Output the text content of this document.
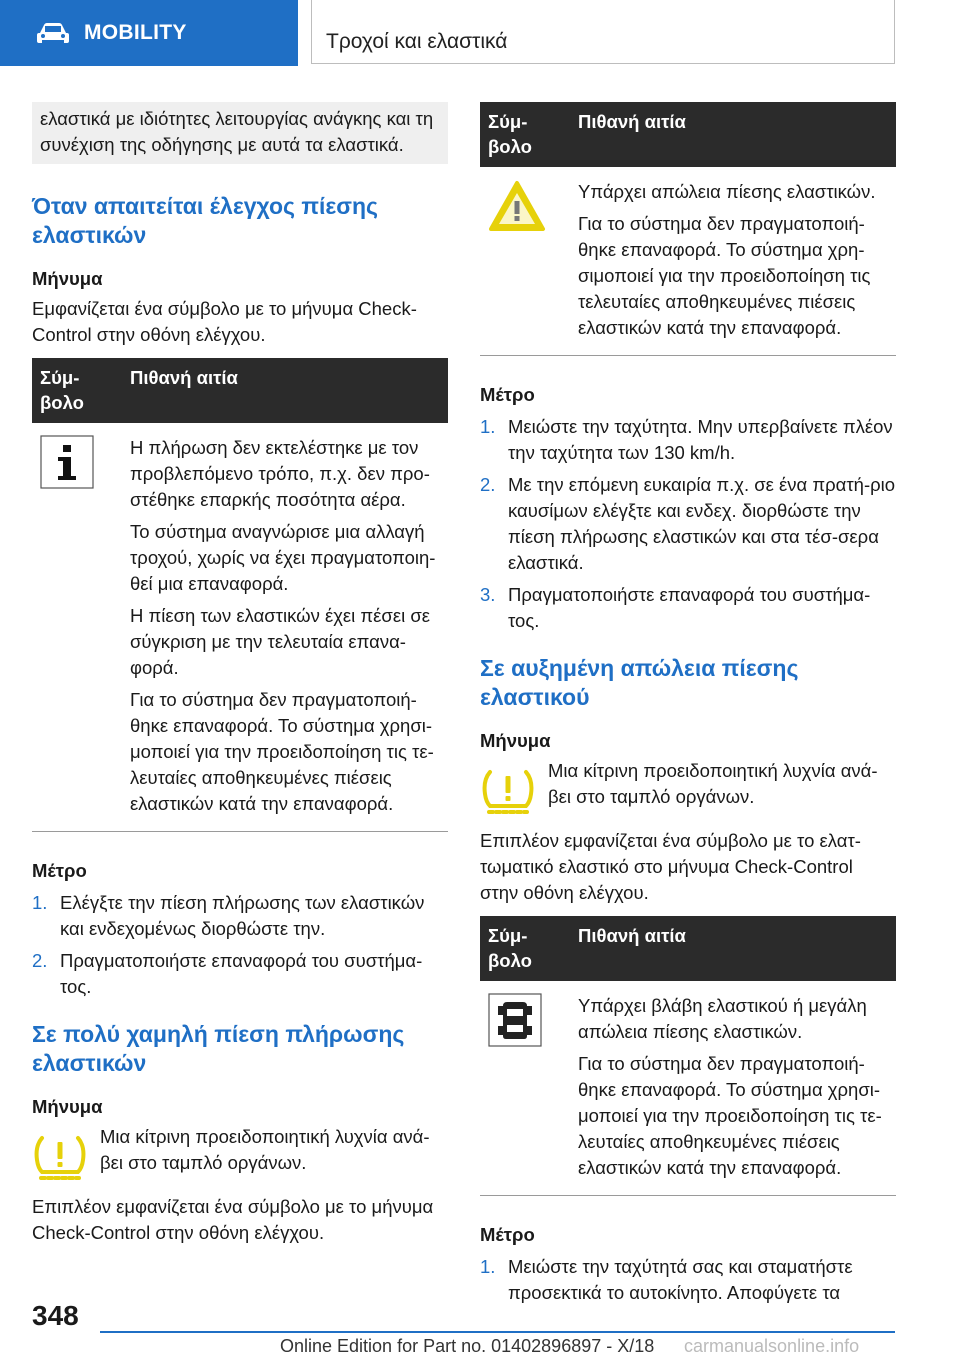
MOBILITY	Τροχοί και ελαστικά

ελαστικά με ιδιότητες λειτουργίας ανάγκης και τη συνέχιση της οδήγησης με αυτά τα ελαστικά.

Όταν απαιτείται έλεγχος πίεσης ελαστικών
Μήνυμα

Εμφανίζεται ένα σύμβολο με το μήνυμα Check-Control στην οθόνη ελέγχου.

Σύμ-βολο	Πιθανή αιτία

Η πλήρωση δεν εκτελέστηκε με τον προβλεπόμενο τρόπο, π.χ. δεν προ-στέθηκε επαρκής ποσότητα αέρα.

Το σύστημα αναγνώρισε μια αλλαγή τροχού, χωρίς να έχει πραγματοποιη-θεί μια επαναφορά.

Η πίεση των ελαστικών έχει πέσει σε σύγκριση με την τελευταία επανα-φορά.

Για το σύστημα δεν πραγματοποιή-θηκε επαναφορά. Το σύστημα χρησι-μοποιεί για την προειδοποίηση τις τε-λευταίες αποθηκευμένες πιέσεις ελαστικών κατά την επαναφορά.

Μέτρο
1. Ελέγξτε την πίεση πλήρωσης των ελαστικών και ενδεχομένως διορθώστε την.
2. Πραγματοποιήστε επαναφορά του συστήμα-τος.
Σε πολύ χαμηλή πίεση πλήρωσης ελαστικών
Μήνυμα

Μια κίτρινη προειδοποιητική λυχνία ανά-βει στο ταμπλό οργάνων.

Επιπλέον εμφανίζεται ένα σύμβολο με το μήνυμα Check-Control στην οθόνη ελέγχου.

Σύμ-βολο	Πιθανή αιτία

Υπάρχει απώλεια πίεσης ελαστικών.

Για το σύστημα δεν πραγματοποιή-θηκε επαναφορά. Το σύστημα χρη-σιμοποιεί για την προειδοποίηση τις τελευταίες αποθηκευμένες πιέσεις ελαστικών κατά την επαναφορά.

Μέτρο
1. Μειώστε την ταχύτητα. Μην υπερβαίνετε πλέον την ταχύτητα των 130 km/h.
2. Με την επόμενη ευκαιρία π.χ. σε ένα πρατή-ριο καυσίμων ελέγξτε και ενδεχ. διορθώστε την πίεση πλήρωσης ελαστικών και στα τέσ-σερα ελαστικά.
3. Πραγματοποιήστε επαναφορά του συστήμα-τος.
Σε αυξημένη απώλεια πίεσης ελαστικού
Μήνυμα

Μια κίτρινη προειδοποιητική λυχνία ανά-βει στο ταμπλό οργάνων.

Επιπλέον εμφανίζεται ένα σύμβολο με το ελατ-τωματικό ελαστικό στο μήνυμα Check-Control στην οθόνη ελέγχου.

Σύμ-βολο	Πιθανή αιτία

Υπάρχει βλάβη ελαστικού ή μεγάλη απώλεια πίεσης ελαστικών.

Για το σύστημα δεν πραγματοποιή-θηκε επαναφορά. Το σύστημα χρησι-μοποιεί για την προειδοποίηση τις τε-λευταίες αποθηκευμένες πιέσεις ελαστικών κατά την επαναφορά.

Μέτρο
1. Μειώστε την ταχύτητά σας και σταματήστε προσεκτικά το αυτοκίνητο. Αποφύγετε τα
348
Online Edition for Part no. 01402896897 - X/18 carmanualsonline.info
